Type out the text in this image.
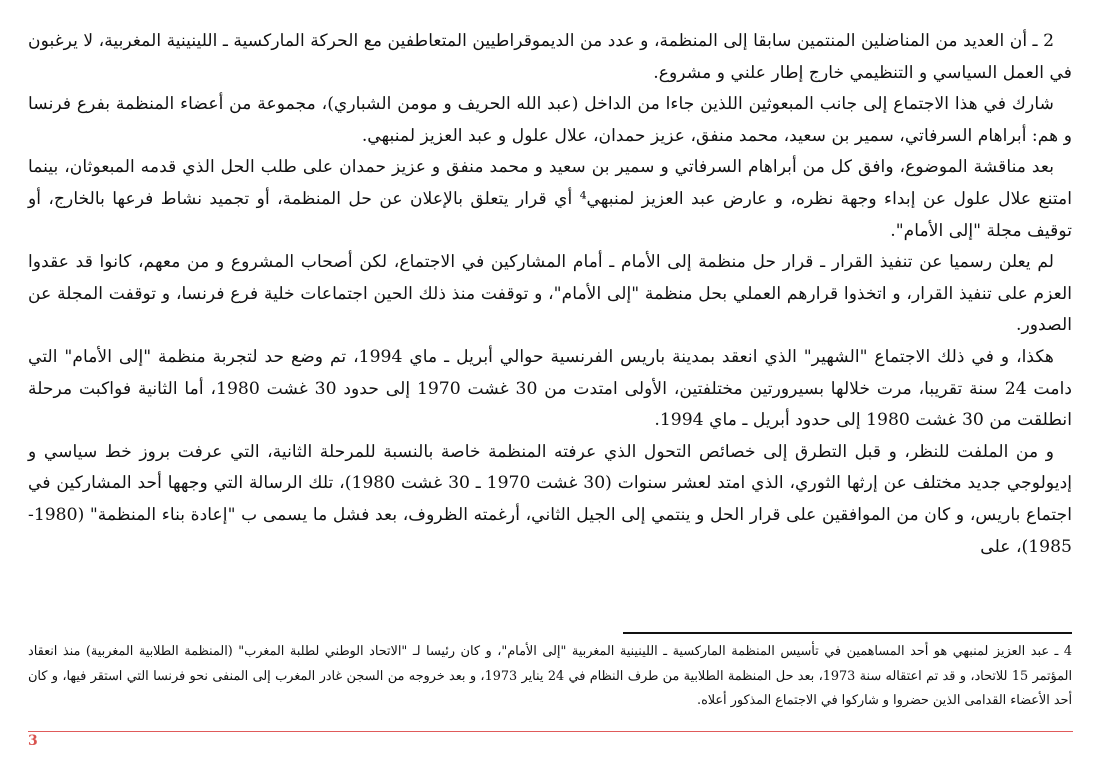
2 ـ أن العديد من المناضلين المنتمين سابقا إلى المنظمة، و عدد من الديموقراطيين المتعاطفين مع الحركة الماركسية ـ اللينينية المغربية، لا يرغبون في العمل السياسي و التنظيمي خارج إطار علني و مشروع.

شارك في هذا الاجتماع إلى جانب المبعوثين اللذين جاءا من الداخل (عبد الله الحريف و مومن الشباري)، مجموعة من أعضاء المنظمة بفرع فرنسا و هم: أبراهام السرفاتي، سمير بن سعيد، محمد منفق، عزيز حمدان، علال علول و عبد العزيز لمنبهي.

بعد مناقشة الموضوع، وافق كل من أبراهام السرفاتي و سمير بن سعيد و محمد منفق و عزيز حمدان على طلب الحل الذي قدمه المبعوثان، بينما امتنع علال علول عن إبداء وجهة نظره، و عارض عبد العزيز لمنبهي⁴ أي قرار يتعلق بالإعلان عن حل المنظمة، أو تجميد نشاط فرعها بالخارج، أو توقيف مجلة "إلى الأمام".

لم يعلن رسميا عن تنفيذ القرار ـ قرار حل منظمة إلى الأمام ـ أمام المشاركين في الاجتماع، لكن أصحاب المشروع و من معهم، كانوا قد عقدوا العزم على تنفيذ القرار، و اتخذوا قرارهم العملي بحل منظمة "إلى الأمام"، و توقفت منذ ذلك الحين اجتماعات خلية فرع فرنسا، و توقفت المجلة عن الصدور.

هكذا، و في ذلك الاجتماع "الشهير" الذي انعقد بمدينة باريس الفرنسية حوالي أبريل ـ ماي 1994، تم وضع حد لتجربة منظمة "إلى الأمام" التي دامت 24 سنة تقريبا، مرت خلالها بسيرورتين مختلفتين، الأولى امتدت من 30 غشت 1970 إلى حدود 30 غشت 1980، أما الثانية فواكبت مرحلة انطلقت من 30 غشت 1980 إلى حدود أبريل ـ ماي 1994.

و من الملفت للنظر، و قبل التطرق إلى خصائص التحول الذي عرفته المنظمة خاصة بالنسبة للمرحلة الثانية، التي عرفت بروز خط سياسي و إديولوجي جديد مختلف عن إرثها الثوري، الذي امتد لعشر سنوات (30 غشت 1970 ـ 30 غشت 1980)، تلك الرسالة التي وجهها أحد المشاركين في اجتماع باريس، و كان من الموافقين على قرار الحل و ينتمي إلى الجيل الثاني، أرغمته الظروف، بعد فشل ما يسمى ب "إعادة بناء المنظمة" (1980-1985)، على

4 ـ عبد العزيز لمنبهي هو أحد المساهمين في تأسيس المنظمة الماركسية ـ اللينينية المغربية "إلى الأمام"، و كان رئيسا لـ "الاتحاد الوطني لطلبة المغرب" (المنظمة الطلابية المغربية) منذ انعقاد المؤتمر 15 للاتحاد، و قد تم اعتقاله سنة 1973، بعد حل المنظمة الطلابية من طرف النظام في 24 يناير 1973، و بعد خروجه من السجن غادر المغرب إلى المنفى نحو فرنسا التي استقر فيها، و كان أحد الأعضاء القدامى الذين حضروا و شاركوا في الاجتماع المذكور أعلاه.

3
